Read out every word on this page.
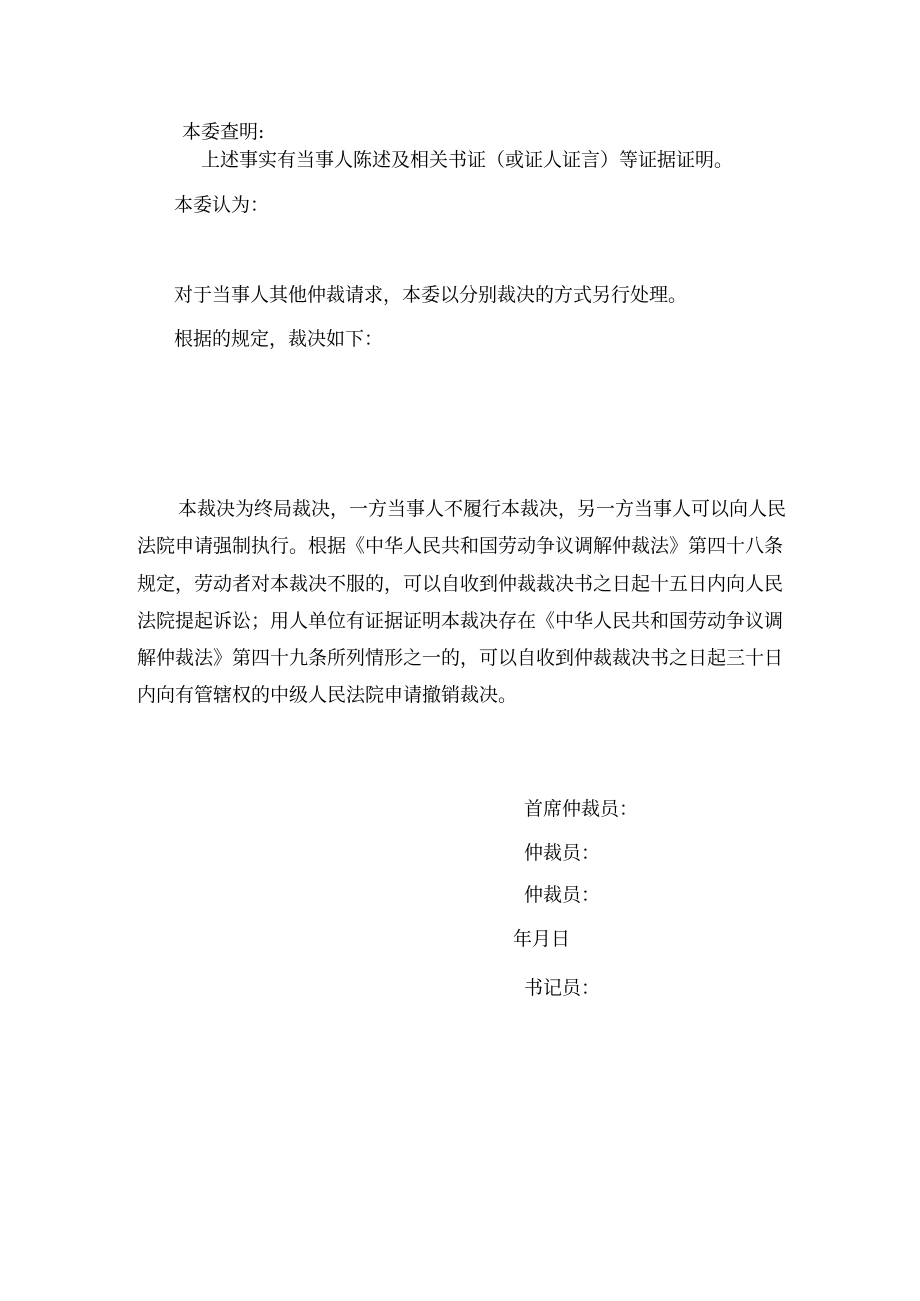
本委查明:
上述事实有当事人陈述及相关书证（或证人证言）等证据证明。
本委认为：
对于当事人其他仲裁请求，本委以分别裁决的方式另行处理。
根据的规定，裁决如下：
本裁决为终局裁决，一方当事人不履行本裁决，另一方当事人可以向人民
法院申请强制执行。根据《中华人民共和国劳动争议调解仲裁法》第四十八条
规定，劳动者对本裁决不服的，可以自收到仲裁裁决书之日起十五日内向人民
法院提起诉讼；用人单位有证据证明本裁决存在《中华人民共和国劳动争议调
解仲裁法》第四十九条所列情形之一的，可以自收到仲裁裁决书之日起三十日
内向有管辖权的中级人民法院申请撤销裁决。
首席仲裁员：
仲裁员：
仲裁员：
年月日
书记员：
